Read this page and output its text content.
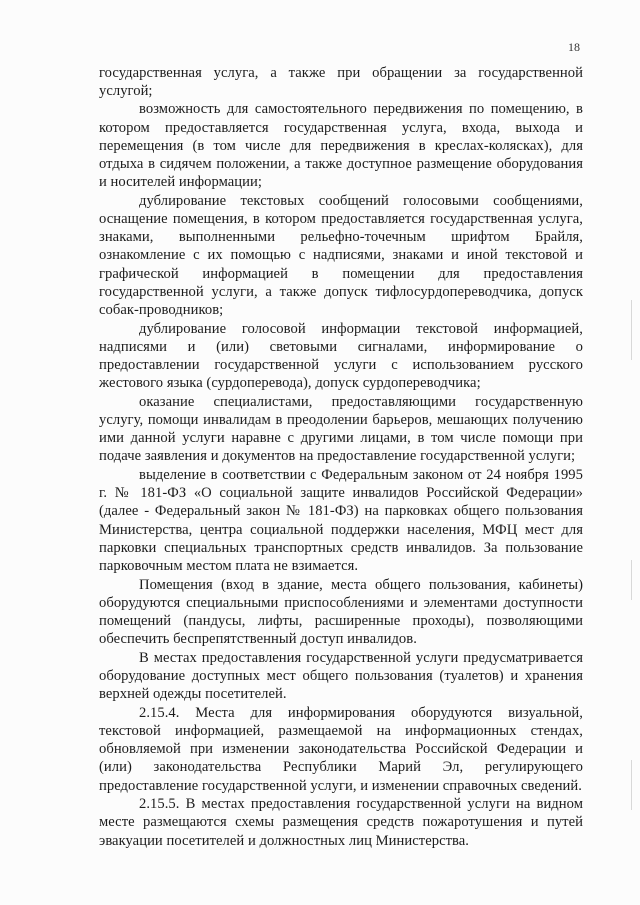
18

государственная услуга, а также при обращении за государственной услугой;

возможность для самостоятельного передвижения по помещению, в котором предоставляется государственная услуга, входа, выхода и перемещения (в том числе для передвижения в креслах-колясках), для отдыха в сидячем положении, а также доступное размещение оборудования и носителей информации;

дублирование текстовых сообщений голосовыми сообщениями, оснащение помещения, в котором предоставляется государственная услуга, знаками, выполненными рельефно-точечным шрифтом Брайля, ознакомление с их помощью с надписями, знаками и иной текстовой и графической информацией в помещении для предоставления государственной услуги, а также допуск тифлосурдопереводчика, допуск собак-проводников;

дублирование голосовой информации текстовой информацией, надписями и (или) световыми сигналами, информирование о предоставлении государственной услуги с использованием русского жестового языка (сурдоперевода), допуск сурдопереводчика;

оказание специалистами, предоставляющими государственную услугу, помощи инвалидам в преодолении барьеров, мешающих получению ими данной услуги наравне с другими лицами, в том числе помощи при подаче заявления и документов на предоставление государственной услуги;

выделение в соответствии с Федеральным законом от 24 ноября 1995 г. № 181-ФЗ «О социальной защите инвалидов Российской Федерации» (далее - Федеральный закон № 181-ФЗ) на парковках общего пользования Министерства, центра социальной поддержки населения, МФЦ мест для парковки специальных транспортных средств инвалидов. За пользование парковочным местом плата не взимается.

Помещения (вход в здание, места общего пользования, кабинеты) оборудуются специальными приспособлениями и элементами доступности помещений (пандусы, лифты, расширенные проходы), позволяющими обеспечить беспрепятственный доступ инвалидов.

В местах предоставления государственной услуги предусматривается оборудование доступных мест общего пользования (туалетов) и хранения верхней одежды посетителей.

2.15.4. Места для информирования оборудуются визуальной, текстовой информацией, размещаемой на информационных стендах, обновляемой при изменении законодательства Российской Федерации и (или) законодательства Республики Марий Эл, регулирующего предоставление государственной услуги, и изменении справочных сведений.

2.15.5. В местах предоставления государственной услуги на видном месте размещаются схемы размещения средств пожаротушения и путей эвакуации посетителей и должностных лиц Министерства.
